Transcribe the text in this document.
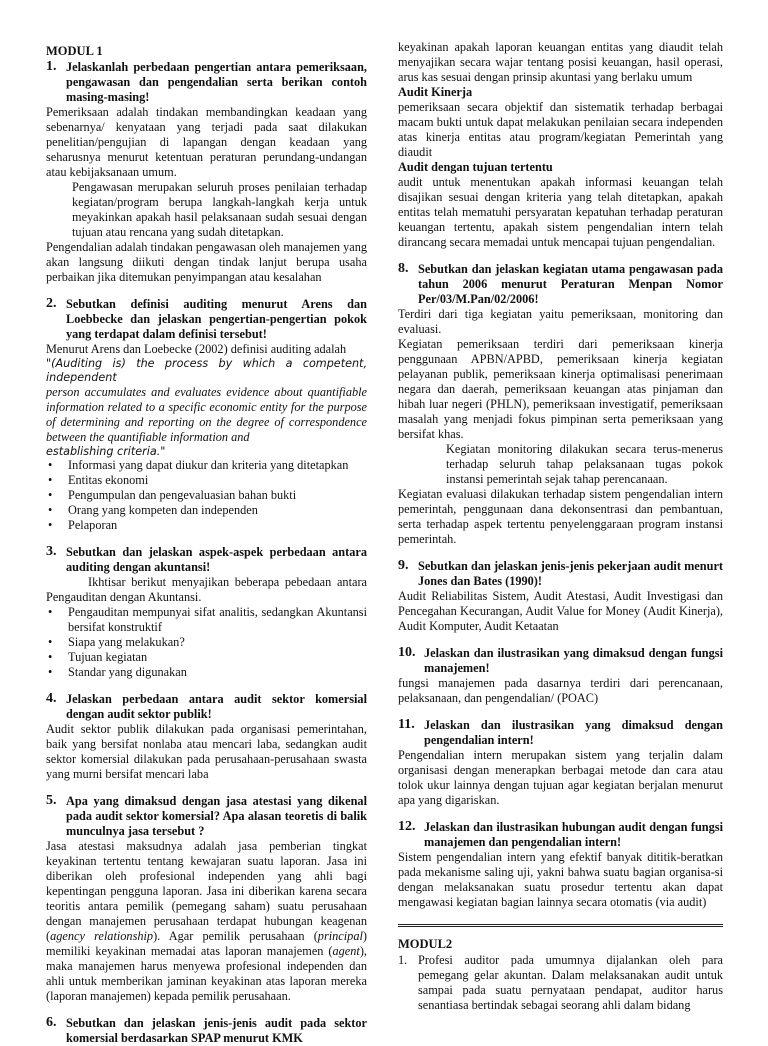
MODUL 1
1. Jelaskanlah perbedaan pengertian antara pemeriksaan, pengawasan dan pengendalian serta berikan contoh masing-masing!

Pemeriksaan adalah tindakan membandingkan keadaan yang sebenarnya/ kenyataan yang terjadi pada saat dilakukan penelitian/pengujian di lapangan dengan keadaan yang seharusnya menurut ketentuan peraturan perundang-undangan atau kebijaksanaan umum.

Pengawasan merupakan seluruh proses penilaian terhadap kegiatan/program berupa langkah-langkah kerja untuk meyakinkan apakah hasil pelaksanaan sudah sesuai dengan tujuan atau rencana yang sudah ditetapkan.

Pengendalian adalah tindakan pengawasan oleh manajemen yang akan langsung diikuti dengan tindak lanjut berupa usaha perbaikan jika ditemukan penyimpangan atau kesalahan

2. Sebutkan definisi auditing menurut Arens dan Loebbecke dan jelaskan pengertian-pengertian pokok yang terdapat dalam definisi tersebut!

Menurut Arens dan Loebecke (2002) definisi auditing adalah

"(Auditing is) the process by which a competent, independent

person accumulates and evaluates evidence about quantifiable information related to a specific economic entity for the purpose of determining and reporting on the degree of correspondence between the quantifiable information and

establishing criteria."

• Informasi yang dapat diukur dan kriteria yang ditetapkan
• Entitas ekonomi
• Pengumpulan dan pengevaluasian bahan bukti
• Orang yang kompeten dan independen
• Pelaporan
3. Sebutkan dan jelaskan aspek-aspek perbedaan antara auditing dengan akuntansi!

Ikhtisar berikut menyajikan beberapa pebedaan antara Pengauditan dengan Akuntansi.

• Pengauditan mempunyai sifat analitis, sedangkan Akuntansi bersifat konstruktif
• Siapa yang melakukan?
• Tujuan kegiatan
• Standar yang digunakan
4. Jelaskan perbedaan antara audit sektor komersial dengan audit sektor publik!

Audit sektor publik dilakukan pada organisasi pemerintahan, baik yang bersifat nonlaba atau mencari laba, sedangkan audit sektor komersial dilakukan pada perusahaan-perusahaan swasta yang murni bersifat mencari laba

5. Apa yang dimaksud dengan jasa atestasi yang dikenal pada audit sektor komersial? Apa alasan teoretis di balik munculnya jasa tersebut ?

Jasa atestasi maksudnya adalah jasa pemberian tingkat keyakinan tertentu tentang kewajaran suatu laporan. Jasa ini diberikan oleh profesional independen yang ahli bagi kepentingan pengguna laporan. Jasa ini diberikan karena secara teoritis antara pemilik (pemegang saham) suatu perusahaan dengan manajemen perusahaan terdapat hubungan keagenan (agency relationship). Agar pemilik perusahaan (principal) memiliki keyakinan memadai atas laporan manajemen (agent), maka manajemen harus menyewa profesional independen dan ahli untuk memberikan jaminan keyakinan atas laporan mereka (laporan manajemen) kepada pemilik perusahaan.

6. Sebutkan dan jelaskan jenis-jenis audit pada sektor komersial berdasarkan SPAP menurut KMK

keyakinan apakah laporan keuangan entitas yang diaudit telah menyajikan secara wajar tentang posisi keuangan, hasil operasi, arus kas sesuai dengan prinsip akuntasi yang berlaku umum

Audit Kinerja

pemeriksaan secara objektif dan sistematik terhadap berbagai macam bukti untuk dapat melakukan penilaian secara independen atas kinerja entitas atau program/kegiatan Pemerintah yang diaudit

Audit dengan tujuan tertentu

audit untuk menentukan apakah informasi keuangan telah disajikan sesuai dengan kriteria yang telah ditetapkan, apakah entitas telah mematuhi persyaratan kepatuhan terhadap peraturan keuangan tertentu, apakah sistem pengendalian intern telah dirancang secara memadai untuk mencapai tujuan pengendalian.

8. Sebutkan dan jelaskan kegiatan utama pengawasan pada tahun 2006 menurut Peraturan Menpan Nomor Per/03/M.Pan/02/2006!

Terdiri dari tiga kegiatan yaitu pemeriksaan, monitoring dan evaluasi.

Kegiatan pemeriksaan terdiri dari pemeriksaan kinerja penggunaan APBN/APBD, pemeriksaan kinerja kegiatan pelayanan publik, pemeriksaan kinerja optimalisasi penerimaan negara dan daerah, pemeriksaan keuangan atas pinjaman dan hibah luar negeri (PHLN), pemeriksaan investigatif, pemeriksaan masalah yang menjadi fokus pimpinan serta pemeriksaan yang bersifat khas.

Kegiatan monitoring dilakukan secara terus-menerus terhadap seluruh tahap pelaksanaan tugas pokok instansi pemerintah sejak tahap perencanaan.

Kegiatan evaluasi dilakukan terhadap sistem pengendalian intern pemerintah, penggunaan dana dekonsentrasi dan pembantuan, serta terhadap aspek tertentu penyelenggaraan program instansi pemerintah.

9. Sebutkan dan jelaskan jenis-jenis pekerjaan audit menurt Jones dan Bates (1990)!

Audit Reliabilitas Sistem, Audit Atestasi, Audit Investigasi dan Pencegahan Kecurangan, Audit Value for Money (Audit Kinerja), Audit Komputer, Audit Ketaatan

10. Jelaskan dan ilustrasikan yang dimaksud dengan fungsi manajemen!

fungsi manajemen pada dasarnya terdiri dari perencanaan, pelaksanaan, dan pengendalian/ (POAC)

11. Jelaskan dan ilustrasikan yang dimaksud dengan pengendalian intern!

Pengendalian intern merupakan sistem yang terjalin dalam organisasi dengan menerapkan berbagai metode dan cara atau tolok ukur lainnya dengan tujuan agar kegiatan berjalan menurut apa yang digariskan.

12. Jelaskan dan ilustrasikan hubungan audit dengan fungsi manajemen dan pengendalian intern!

Sistem pengendalian intern yang efektif banyak dititik-beratkan pada mekanisme saling uji, yakni bahwa suatu bagian organisa-si dengan melaksanakan suatu prosedur tertentu akan dapat mengawasi kegiatan bagian lainnya secara otomatis (via audit)

MODUL2
1. Profesi auditor pada umumnya dijalankan oleh para pemegang gelar akuntan. Dalam melaksanakan audit untuk sampai pada suatu pernyataan pendapat, auditor harus senantiasa bertindak sebagai seorang ahli dalam bidang
